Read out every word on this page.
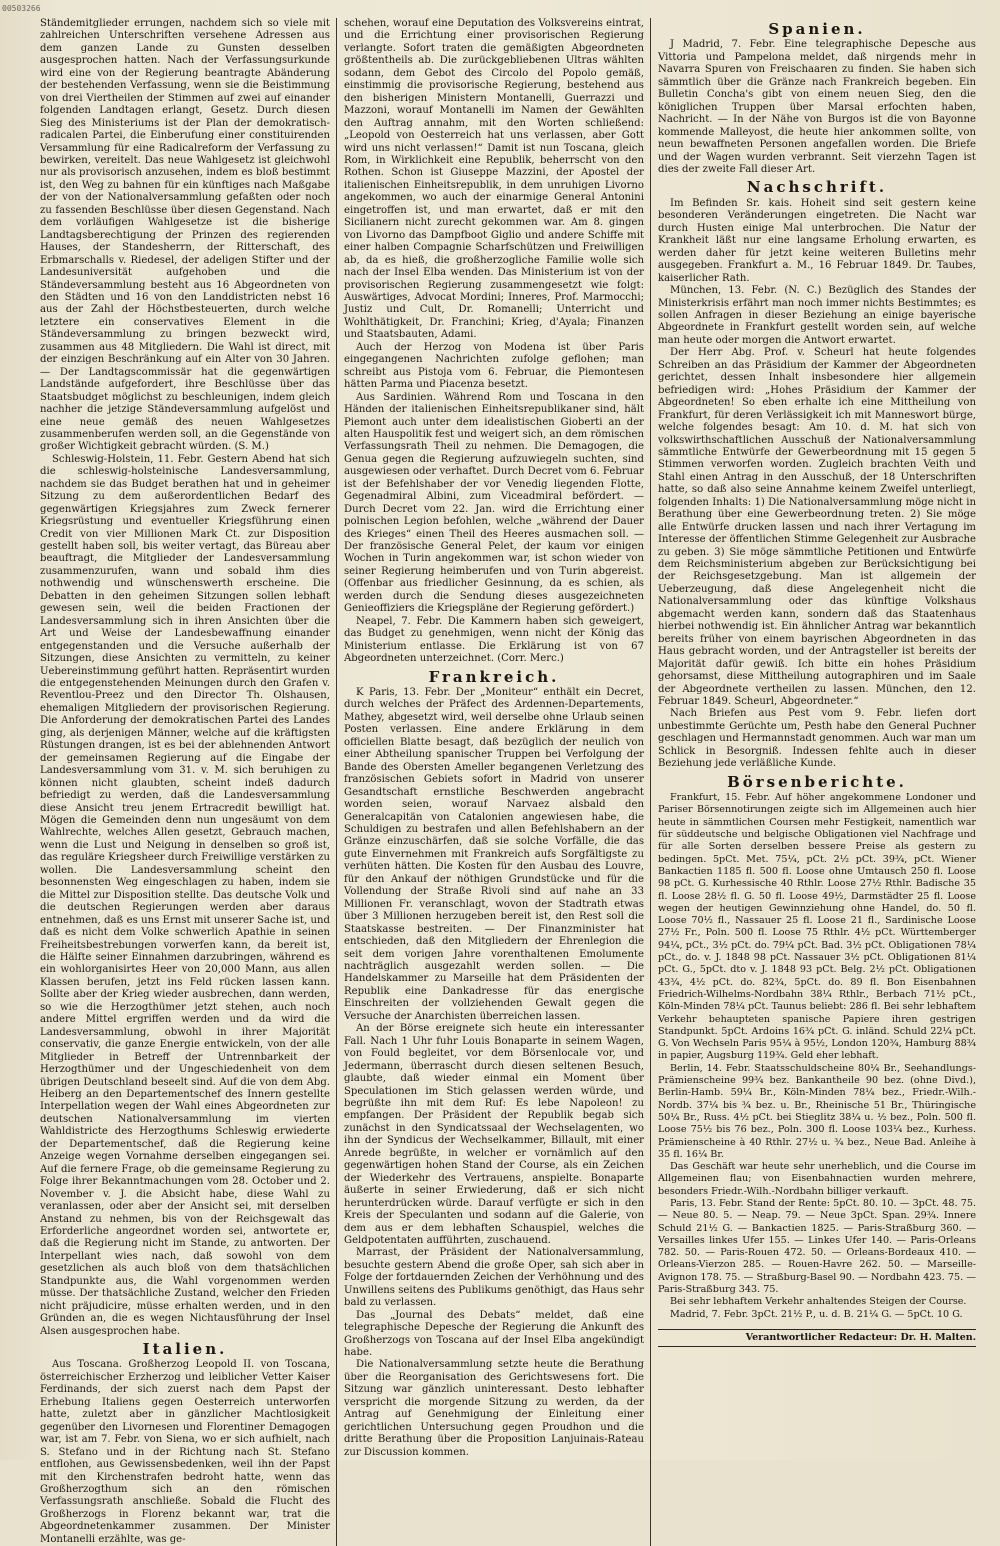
00503266

Ständemitglieder errungen, nachdem sich so viele mit zahlreichen Unterschriften versehene Adressen aus dem ganzen Lande zu Gunsten desselben ausgesprochen hatten. Nach der Verfassungsurkunde wird eine von der Regierung beantragte Abänderung der bestehenden Verfassung, wenn sie die Beistimmung von drei Viertheilen der Stimmen auf zwei auf einander folgenden Landtagen erlangt, Gesetz. Durch diesen Sieg des Ministeriums ist der Plan der demokratisch-radicalen Partei, die Einberufung einer constituirenden Versammlung für eine Radicalreform der Verfassung zu bewirken, vereitelt. Das neue Wahlgesetz ist gleichwohl nur als provisorisch anzusehen, indem es bloß bestimmt ist, den Weg zu bahnen für ein künftiges nach Maßgabe der von der Nationalversammlung gefaßten oder noch zu fassenden Beschlüsse über diesen Gegenstand. Nach dem vorläufigen Wahlgesetze ist die bisherige Landtagsberechtigung der Prinzen des regierenden Hauses, der Standesherrn, der Ritterschaft, des Erbmarschalls v. Riedesel, der adeligen Stifter und der Landesuniversität aufgehoben und die Ständeversammlung besteht aus 16 Abgeordneten von den Städten und 16 von den Landdistricten nebst 16 aus der Zahl der Höchstbesteuerten, durch welche letztere ein conservatives Element in die Ständeversammlung zu bringen bezweckt wird, zusammen aus 48 Mitgliedern. Die Wahl ist direct, mit der einzigen Beschränkung auf ein Alter von 30 Jahren. — Der Landtagscommissär hat die gegenwärtigen Landstände aufgefordert, ihre Beschlüsse über das Staatsbudget möglichst zu beschleunigen, indem gleich nachher die jetzige Ständeversammlung aufgelöst und eine neue gemäß des neuen Wahlgesetzes zusammenberufen werden soll, an die Gegenstände von großer Wichtigkeit gebracht würden. (S. M.)

Schleswig-Holstein, 11. Febr. Gestern Abend hat sich die schleswig-holsteinische Landesversammlung, nachdem sie das Budget berathen hat und in geheimer Sitzung zu dem außerordentlichen Bedarf des gegenwärtigen Kriegsjahres zum Zweck fernerer Kriegsrüstung und eventueller Kriegsführung einen Credit von vier Millionen Mark Ct. zur Disposition gestellt haben soll, bis weiter vertagt, das Büreau aber beauftragt, die Mitglieder der Landesversammlung zusammenzurufen, wann und sobald ihm dies nothwendig und wünschenswerth erscheine. Die Debatten in den geheimen Sitzungen sollen lebhaft gewesen sein, weil die beiden Fractionen der Landesversammlung sich in ihren Ansichten über die Art und Weise der Landesbewaffnung einander entgegenstanden und die Versuche außerhalb der Sitzungen, diese Ansichten zu vermitteln, zu keiner Uebereinstimmung geführt hatten. Repräsentirt wurden die entgegenstehenden Meinungen durch den Grafen v. Reventlou-Preez und den Director Th. Olshausen, ehemaligen Mitgliedern der provisorischen Regierung. Die Anforderung der demokratischen Partei des Landes ging, als derjenigen Männer, welche auf die kräftigsten Rüstungen drangen, ist es bei der ablehnenden Antwort der gemeinsamen Regierung auf die Eingabe der Landesversammlung vom 31. v. M. sich beruhigen zu können nicht glaubten, scheint indeß dadurch befriedigt zu werden, daß die Landesversammlung diese Ansicht treu jenem Ertracredit bewilligt hat. Mögen die Gemeinden denn nun ungesäumt von dem Wahlrechte, welches Allen gesetzt, Gebrauch machen, wenn die Lust und Neigung in denselben so groß ist, das reguläre Kriegsheer durch Freiwillige verstärken zu wollen. Die Landesversammlung scheint den besonnensten Weg eingeschlagen zu haben, indem sie die Mittel zur Disposition stellte. Das deutsche Volk und die deutschen Regierungen werden aber daraus entnehmen, daß es uns Ernst mit unserer Sache ist, und daß es nicht dem Volke schwerlich Apathie in seinen Freiheitsbestrebungen vorwerfen kann, da bereit ist, die Hälfte seiner Einnahmen darzubringen, während es ein wohlorganisirtes Heer von 20,000 Mann, aus allen Klassen berufen, jetzt ins Feld rücken lassen kann. Sollte aber der Krieg wieder ausbrechen, dann werden, so wie die Herzogthümer jetzt stehen, auch noch andere Mittel ergriffen werden und da wird die Landesversammlung, obwohl in ihrer Majorität conservativ, die ganze Energie entwickeln, von der alle Mitglieder in Betreff der Untrennbarkeit der Herzogthümer und der Ungeschiedenheit von dem übrigen Deutschland beseelt sind. Auf die von dem Abg. Heiberg an den Departementschef des Innern gestellte Interpellation wegen der Wahl eines Abgeordneten zur deutschen Nationalversammlung im vierten Wahldistricte des Herzogthums Schleswig erwiederte der Departementschef, daß die Regierung keine Anzeige wegen Vornahme derselben eingegangen sei. Auf die fernere Frage, ob die gemeinsame Regierung zu Folge ihrer Bekanntmachungen vom 28. October und 2. November v. J. die Absicht habe, diese Wahl zu veranlassen, oder aber der Ansicht sei, mit derselben Anstand zu nehmen, bis von der Reichsgewalt das Erforderliche angeordnet worden sei, antwortete er, daß die Regierung nicht im Stande, zu antworten. Der Interpellant wies nach, daß sowohl von dem gesetzlichen als auch bloß von dem thatsächlichen Standpunkte aus, die Wahl vorgenommen werden müsse. Der thatsächliche Zustand, welcher den Frieden nicht präjudicire, müsse erhalten werden, und in den Gründen an, die es wegen Nichtausführung der Insel Alsen ausgesprochen habe.

Italien.

Aus Toscana. Großherzog Leopold II. von Toscana, österreichischer Erzherzog und leiblicher Vetter Kaiser Ferdinands, der sich zuerst nach dem Papst der Erhebung Italiens gegen Oesterreich unterworfen hatte, zuletzt aber in gänzlicher Machtlosigkeit gegenüber den Livornesen und Florentiner Demagogen war, ist am 7. Febr. von Siena, wo er sich aufhielt, nach S. Stefano und in der Richtung nach St. Stefano entflohen, aus Gewissensbedenken, weil ihn der Papst mit den Kirchenstrafen bedroht hatte, wenn das Großherzogthum sich an den römischen Verfassungsrath anschließe. Sobald die Flucht des Großherzogs in Florenz bekannt war, trat die Abgeordnetenkammer zusammen. Der Minister Montanelli erzählte, was ge-

schehen, worauf eine Deputation des Volksvereins eintrat, und die Errichtung einer provisorischen Regierung verlangte. Sofort traten die gemäßigten Abgeordneten größtentheils ab. Die zurückgebliebenen Ultras wählten sodann, dem Gebot des Circolo del Popolo gemäß, einstimmig die provisorische Regierung, bestehend aus den bisherigen Ministern Montanelli, Guerrazzi und Mazzoni, worauf Montanelli im Namen der Gewählten den Auftrag annahm, mit den Worten schließend: „Leopold von Oesterreich hat uns verlassen, aber Gott wird uns nicht verlassen!“ Damit ist nun Toscana, gleich Rom, in Wirklichkeit eine Republik, beherrscht von den Rothen. Schon ist Giuseppe Mazzini, der Apostel der italienischen Einheitsrepublik, in dem unruhigen Livorno angekommen, wo auch der einarmige General Antonini eingetroffen ist, und man erwartet, daß er mit den Sicilianern nicht zurecht gekommen war. Am 8. gingen von Livorno das Dampfboot Giglio und andere Schiffe mit einer halben Compagnie Scharfschützen und Freiwilligen ab, da es hieß, die großherzogliche Familie wolle sich nach der Insel Elba wenden. Das Ministerium ist von der provisorischen Regierung zusammengesetzt wie folgt: Auswärtiges, Advocat Mordini; Inneres, Prof. Marmocchi; Justiz und Cult, Dr. Romanelli; Unterricht und Wohlthätigkeit, Dr. Franchini; Krieg, d'Ayala; Finanzen und Staatsbauten, Adami.

Auch der Herzog von Modena ist über Paris eingegangenen Nachrichten zufolge geflohen; man schreibt aus Pistoja vom 6. Februar, die Piemontesen hätten Parma und Piacenza besetzt.

Aus Sardinien. Während Rom und Toscana in den Händen der italienischen Einheitsrepublikaner sind, hält Piemont auch unter dem idealistischen Gioberti an der alten Hauspolitik fest und weigert sich, an dem römischen Verfassungsrath Theil zu nehmen. Die Demagogen, die Genua gegen die Regierung aufzuwiegeln suchten, sind ausgewiesen oder verhaftet. Durch Decret vom 6. Februar ist der Befehlshaber der vor Venedig liegenden Flotte, Gegenadmiral Albini, zum Viceadmiral befördert. — Durch Decret vom 22. Jan. wird die Errichtung einer polnischen Legion befohlen, welche „während der Dauer des Krieges“ einen Theil des Heeres ausmachen soll. — Der französische General Pelet, der kaum vor einigen Wochen in Turin angekommen war, ist schon wieder von seiner Regierung heimberufen und von Turin abgereist. (Offenbar aus friedlicher Gesinnung, da es schien, als werden durch die Sendung dieses ausgezeichneten Genieoffiziers die Kriegspläne der Regierung gefördert.)

Neapel, 7. Febr. Die Kammern haben sich geweigert, das Budget zu genehmigen, wenn nicht der König das Ministerium entlasse. Die Erklärung ist von 67 Abgeordneten unterzeichnet. (Corr. Merc.)

Frankreich.

K Paris, 13. Febr. Der „Moniteur“ enthält ein Decret, durch welches der Präfect des Ardennen-Departements, Mathey, abgesetzt wird, weil derselbe ohne Urlaub seinen Posten verlassen. Eine andere Erklärung in dem officiellen Blatte besagt, daß bezüglich der neulich von einer Abtheilung spanischer Truppen bei Verfolgung der Bande des Obersten Ameller begangenen Verletzung des französischen Gebiets sofort in Madrid von unserer Gesandtschaft ernstliche Beschwerden angebracht worden seien, worauf Narvaez alsbald den Generalcapitän von Catalonien angewiesen habe, die Schuldigen zu bestrafen und allen Befehlshabern an der Gränze einzuschärfen, daß sie solche Vorfälle, die das gute Einvernehmen mit Frankreich aufs Sorgfältigste zu verhüten hätten. Die Kosten für den Ausbau des Louvre, für den Ankauf der nöthigen Grundstücke und für die Vollendung der Straße Rivoli sind auf nahe an 33 Millionen Fr. veranschlagt, wovon der Stadtrath etwas über 3 Millionen herzugeben bereit ist, den Rest soll die Staatskasse bestreiten. — Der Finanzminister hat entschieden, daß den Mitgliedern der Ehrenlegion die seit dem vorigen Jahre vorenthaltenen Emolumente nachträglich ausgezahlt werden sollen. — Die Handelskammer zu Marseille hat dem Präsidenten der Republik eine Dankadresse für das energische Einschreiten der vollziehenden Gewalt gegen die Versuche der Anarchisten überreichen lassen.

An der Börse ereignete sich heute ein interessanter Fall. Nach 1 Uhr fuhr Louis Bonaparte in seinem Wagen, von Fould begleitet, vor dem Börsenlocale vor, und Jedermann, überrascht durch diesen seltenen Besuch, glaubte, daß wieder einmal ein Moment über Speculationen im Stich gelassen werden würde, und begrüßte ihn mit dem Ruf: Es lebe Napoleon! zu empfangen. Der Präsident der Republik begab sich zunächst in den Syndicatssaal der Wechselagenten, wo ihn der Syndicus der Wechselkammer, Billault, mit einer Anrede begrüßte, in welcher er vornämlich auf den gegenwärtigen hohen Stand der Course, als ein Zeichen der Wiederkehr des Vertrauens, anspielte. Bonaparte äußerte in seiner Erwiederung, daß er sich nicht herunterdrücken würde. Darauf verfügte er sich in den Kreis der Speculanten und sodann auf die Galerie, von dem aus er dem lebhaften Schauspiel, welches die Geldpotentaten aufführten, zuschauend.

Marrast, der Präsident der Nationalversammlung, besuchte gestern Abend die große Oper, sah sich aber in Folge der fortdauernden Zeichen der Verhöhnung und des Unwillens seitens des Publikums genöthigt, das Haus sehr bald zu verlassen.

Das „Journal des Debats“ meldet, daß eine telegraphische Depesche der Regierung die Ankunft des Großherzogs von Toscana auf der Insel Elba angekündigt habe.

Die Nationalversammlung setzte heute die Berathung über die Reorganisation des Gerichtswesens fort. Die Sitzung war gänzlich uninteressant. Desto lebhafter verspricht die morgende Sitzung zu werden, da der Antrag auf Genehmigung der Einleitung einer gerichtlichen Untersuchung gegen Proudhon und die dritte Berathung über die Proposition Lanjuinais-Rateau zur Discussion kommen.

Spanien.

J Madrid, 7. Febr. Eine telegraphische Depesche aus Vittoria und Pampelona meldet, daß nirgends mehr in Navarra Spuren von Freischaaren zu finden. Sie haben sich sämmtlich über die Gränze nach Frankreich begeben. Ein Bulletin Concha's gibt von einem neuen Sieg, den die königlichen Truppen über Marsal erfochten haben, Nachricht. — In der Nähe von Burgos ist die von Bayonne kommende Malleyost, die heute hier ankommen sollte, von neun bewaffneten Personen angefallen worden. Die Briefe und der Wagen wurden verbrannt. Seit vierzehn Tagen ist dies der zweite Fall dieser Art.

Nachschrift.

Im Befinden Sr. kais. Hoheit sind seit gestern keine besonderen Veränderungen eingetreten. Die Nacht war durch Husten einige Mal unterbrochen. Die Natur der Krankheit läßt nur eine langsame Erholung erwarten, es werden daher für jetzt keine weiteren Bulletins mehr ausgegeben. Frankfurt a. M., 16 Februar 1849. Dr. Taubes, kaiserlicher Rath.

München, 13. Febr. (N. C.) Bezüglich des Standes der Ministerkrisis erfährt man noch immer nichts Bestimmtes; es sollen Anfragen in dieser Beziehung an einige bayerische Abgeordnete in Frankfurt gestellt worden sein, auf welche man heute oder morgen die Antwort erwartet.

Der Herr Abg. Prof. v. Scheurl hat heute folgendes Schreiben an das Präsidium der Kammer der Abgeordneten gerichtet, dessen Inhalt insbesondere hier allgemein befriedigen wird: „Hohes Präsidium der Kammer der Abgeordneten! So eben erhalte ich eine Mittheilung von Frankfurt, für deren Verlässigkeit ich mit Manneswort bürge, welche folgendes besagt: Am 10. d. M. hat sich von volkswirthschaftlichen Ausschuß der Nationalversammlung sämmtliche Entwürfe der Gewerbeordnung mit 15 gegen 5 Stimmen verworfen worden. Zugleich brachten Veith und Stahl einen Antrag in den Ausschuß, der 18 Unterschriften hatte, so daß also seine Annahme keinem Zweifel unterliegt, folgenden Inhalts: 1) Die Nationalversammlung möge nicht in Berathung über eine Gewerbeordnung treten. 2) Sie möge alle Entwürfe drucken lassen und nach ihrer Vertagung im Interesse der öffentlichen Stimme Gelegenheit zur Ausbrache zu geben. 3) Sie möge sämmtliche Petitionen und Entwürfe dem Reichsministerium abgeben zur Berücksichtigung bei der Reichsgesetzgebung. Man ist allgemein der Ueberzeugung, daß diese Angelegenheit nicht die Nationalversammlung oder das künftige Volkshaus abgemacht werden kann, sondern daß das Staatenhaus hierbei nothwendig ist. Ein ähnlicher Antrag war bekanntlich bereits früher von einem bayrischen Abgeordneten in das Haus gebracht worden, und der Antragsteller ist bereits der Majorität dafür gewiß. Ich bitte ein hohes Präsidium gehorsamst, diese Mittheilung autographiren und im Saale der Abgeordnete vertheilen zu lassen. München, den 12. Februar 1849. Scheurl, Abgeordneter.“

Nach Briefen aus Pest vom 9. Febr. liefen dort unbestimmte Gerüchte um, Pesth habe den General Puchner geschlagen und Hermannstadt genommen. Auch war man um Schlick in Besorgniß. Indessen fehlte auch in dieser Beziehung jede verläßliche Kunde.

Börsenberichte.

Frankfurt, 15. Febr. Auf höher angekommene Londoner und Pariser Börsennotirungen zeigte sich im Allgemeinen auch hier heute in sämmtlichen Coursen mehr Festigkeit, namentlich war für süddeutsche und belgische Obligationen viel Nachfrage und für alle Sorten derselben bessere Preise als gestern zu bedingen. 5pCt. Met. 75¼, pCt. 2½ pCt. 39¾, pCt. Wiener Bankactien 1185 fl. 500 fl. Loose ohne Umtausch 250 fl. Loose 98 pCt. G. Kurhessische 40 Rthlr. Loose 27½ Rthlr. Badische 35 fl. Loose 28½ fl. G. 50 fl. Loose 49½, Darmstädter 25 fl. Loose wegen der heutigen Gewinnziehung ohne Handel, do. 50 fl. Loose 70½ fl., Nassauer 25 fl. Loose 21 fl., Sardinische Loose 27½ Fr., Poln. 500 fl. Loose 75 Rthlr. 4½ pCt. Württemberger 94¼, pCt., 3½ pCt. do. 79¼ pCt. Bad. 3½ pCt. Obligationen 78¼ pCt., do. v. J. 1848 98 pCt. Nassauer 3½ pCt. Obligationen 81¼ pCt. G., 5pCt. dto v. J. 1848 93 pCt. Belg. 2½ pCt. Obligationen 43¾, 4½ pCt. do. 82¾, 5pCt. do. 89 fl. Bon Eisenbahnen Friedrich-Wilhelms-Nordbahn 38¼ Rthlr., Berbach 71½ pCt., Köln-Minden 78¼ pCt. Taunus beliebt: 286 fl. Bei sehr lebhaftem Verkehr behaupteten spanische Papiere ihren gestrigen Standpunkt. 5pCt. Ardoins 16¾ pCt. G. inländ. Schuld 22¼ pCt. G. Von Wechseln Paris 95¼ à 95½, London 120¾, Hamburg 88¾ in papier, Augsburg 119¾. Geld eher lebhaft.

Berlin, 14. Febr. Staatsschuldscheine 80¼ Br., Seehandlungs-Prämienscheine 99¾ bez. Bankantheile 90 bez. (ohne Divd.), Berlin-Hamb. 59¼ Br., Köln-Minden 78¼ bez., Friedr.-Wilh.-Nordb. 37¼ bis ¾ bez. u. Br., Rheinische 51 Br., Thüringische 50¼ Br., Russ. 4½ pCt. bei Stieglitz 38¼ u. ½ bez., Poln. 500 fl. Loose 75½ bis 76 bez., Poln. 300 fl. Loose 103¼ bez., Kurhess. Prämienscheine à 40 Rthlr. 27½ u. ¾ bez., Neue Bad. Anleihe à 35 fl. 16¼ Br.

Das Geschäft war heute sehr unerheblich, und die Course im Allgemeinen flau; von Eisenbahnactien wurden mehrere, besonders Friedr.-Wilh.-Nordbahn billiger verkauft.

Paris, 13. Febr. Stand der Rente: 5pCt. 80. 10. — 3pCt. 48. 75. — Neue 80. 5. — Neap. 79. — Neue 3pCt. Span. 29¾. Innere Schuld 21½ G. — Bankactien 1825. — Paris-Straßburg 360. — Versailles linkes Ufer 155. — Linkes Ufer 140. — Paris-Orleans 782. 50. — Paris-Rouen 472. 50. — Orleans-Bordeaux 410. — Orleans-Vierzon 285. — Rouen-Havre 262. 50. — Marseille-Avignon 178. 75. — Straßburg-Basel 90. — Nordbahn 423. 75. — Paris-Straßburg 343. 75.

Bei sehr lebhaftem Verkehr anhaltendes Steigen der Course.

Madrid, 7. Febr. 3pCt. 21½ P., u. d. B. 21¼ G. — 5pCt. 10 G.

Verantwortlicher Redacteur: Dr. H. Malten.
